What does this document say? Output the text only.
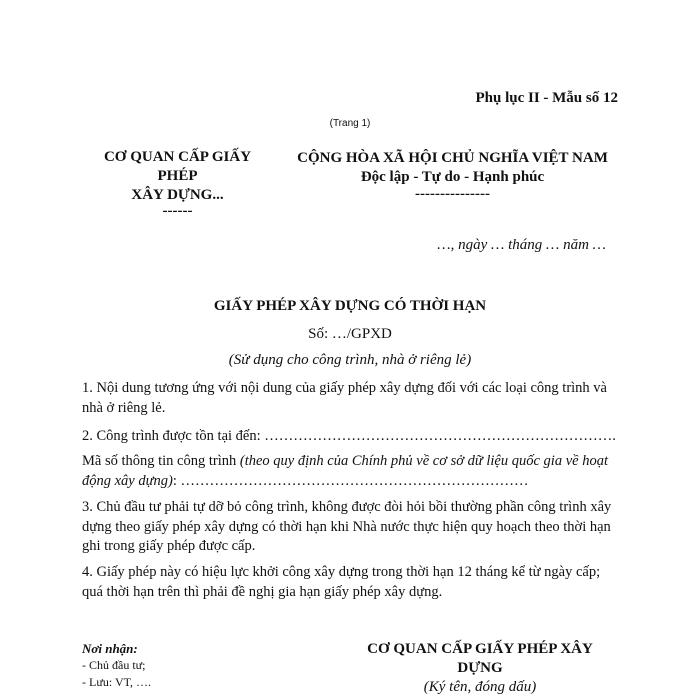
Phụ lục II - Mẫu số 12
(Trang 1)
CƠ QUAN CẤP GIẤY
PHÉP
XÂY DỰNG...
------
CỘNG HÒA XÃ HỘI CHỦ NGHĨA VIỆT NAM
Độc lập - Tự do - Hạnh phúc
---------------
…, ngày … tháng … năm …
GIẤY PHÉP XÂY DỰNG CÓ THỜI HẠN
Số: …/GPXD
(Sử dụng cho công trình, nhà ở riêng lẻ)
1. Nội dung tương ứng với nội dung của giấy phép xây dựng đối với các loại công trình và nhà ở riêng lẻ.
2. Công trình được tồn tại đến: ……………………………………………………………….
Mã số thông tin công trình (theo quy định của Chính phủ về cơ sở dữ liệu quốc gia về hoạt động xây dựng): ………………………………………………………………
3. Chủ đầu tư phải tự dỡ bỏ công trình, không được đòi hỏi bồi thường phần công trình xây dựng theo giấy phép xây dựng có thời hạn khi Nhà nước thực hiện quy hoạch theo thời hạn ghi trong giấy phép được cấp.
4. Giấy phép này có hiệu lực khởi công xây dựng trong thời hạn 12 tháng kể từ ngày cấp; quá thời hạn trên thì phải đề nghị gia hạn giấy phép xây dựng.
Nơi nhận:
- Chủ đầu tư;
- Lưu: VT, ….
CƠ QUAN CẤP GIẤY PHÉP XÂY
DỰNG
(Ký tên, đóng dấu)
